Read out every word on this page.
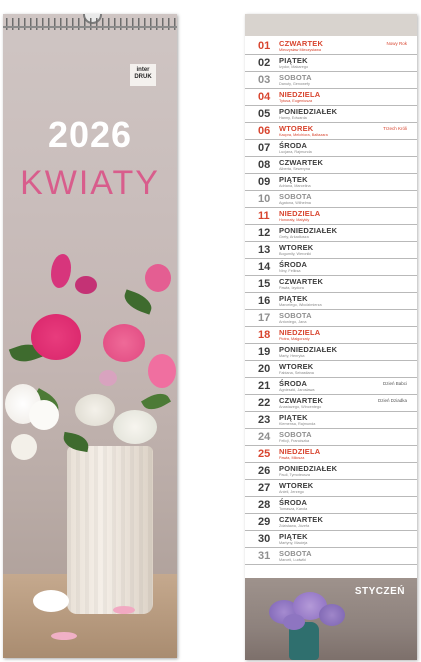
inter
DRUK
2026
KWIATY
01	CZWARTEK
Mieczysław Mieczysława
Nowy Rok
02	PIĄTEK
Izydor, Makarego
03	SOBOTA
Danuty, Genowefy
04	NIEDZIELA
Tytusa, Eugeniusza
05	PONIEDZIAŁEK
Hanny, Edwarda
06	WTOREK
Kacpra, Melchiora, Baltazara
Trzech Króli
07	ŚRODA
Lucjana, Rajmunda
08	CZWARTEK
Alberta, Seweryna
09	PIĄTEK
Adriana, Marcelina
10	SOBOTA
Agatona, Wilhelma
11	NIEDZIELA
Honoraty, Matyldy
12	PONIEDZIAŁEK
Grety, Arkadiusza
13	WTOREK
Bogumiły, Weroniki
14	ŚRODA
Niny, Feliksa
15	CZWARTEK
Pawła, Izydora
16	PIĄTEK
Marcelego, Włodzimierza
17	SOBOTA
Antoniego, Jana
18	NIEDZIELA
Piotra, Małgorzaty
19	PONIEDZIAŁEK
Marty, Henryka
20	WTOREK
Fabiana, Sebastiana
21	ŚRODA
Agnieszki, Jarosława
Dzień Babci
22	CZWARTEK
Anastazego, Wincentego
Dzień Dziadka
23	PIĄTEK
Klemensa, Rajmunda
24	SOBOTA
Felicji, Franciszka
25	NIEDZIELA
Pawła, Miłosza
26	PONIEDZIAŁEK
Pauli, Tymoteusza
27	WTOREK
Anieli, Jerzego
28	ŚRODA
Tomasza, Karola
29	CZWARTEK
Zdzisława, Józefa
30	PIĄTEK
Martyny, Macieja
31	SOBOTA
Marceli, Ludwiki
STYCZEŃ
